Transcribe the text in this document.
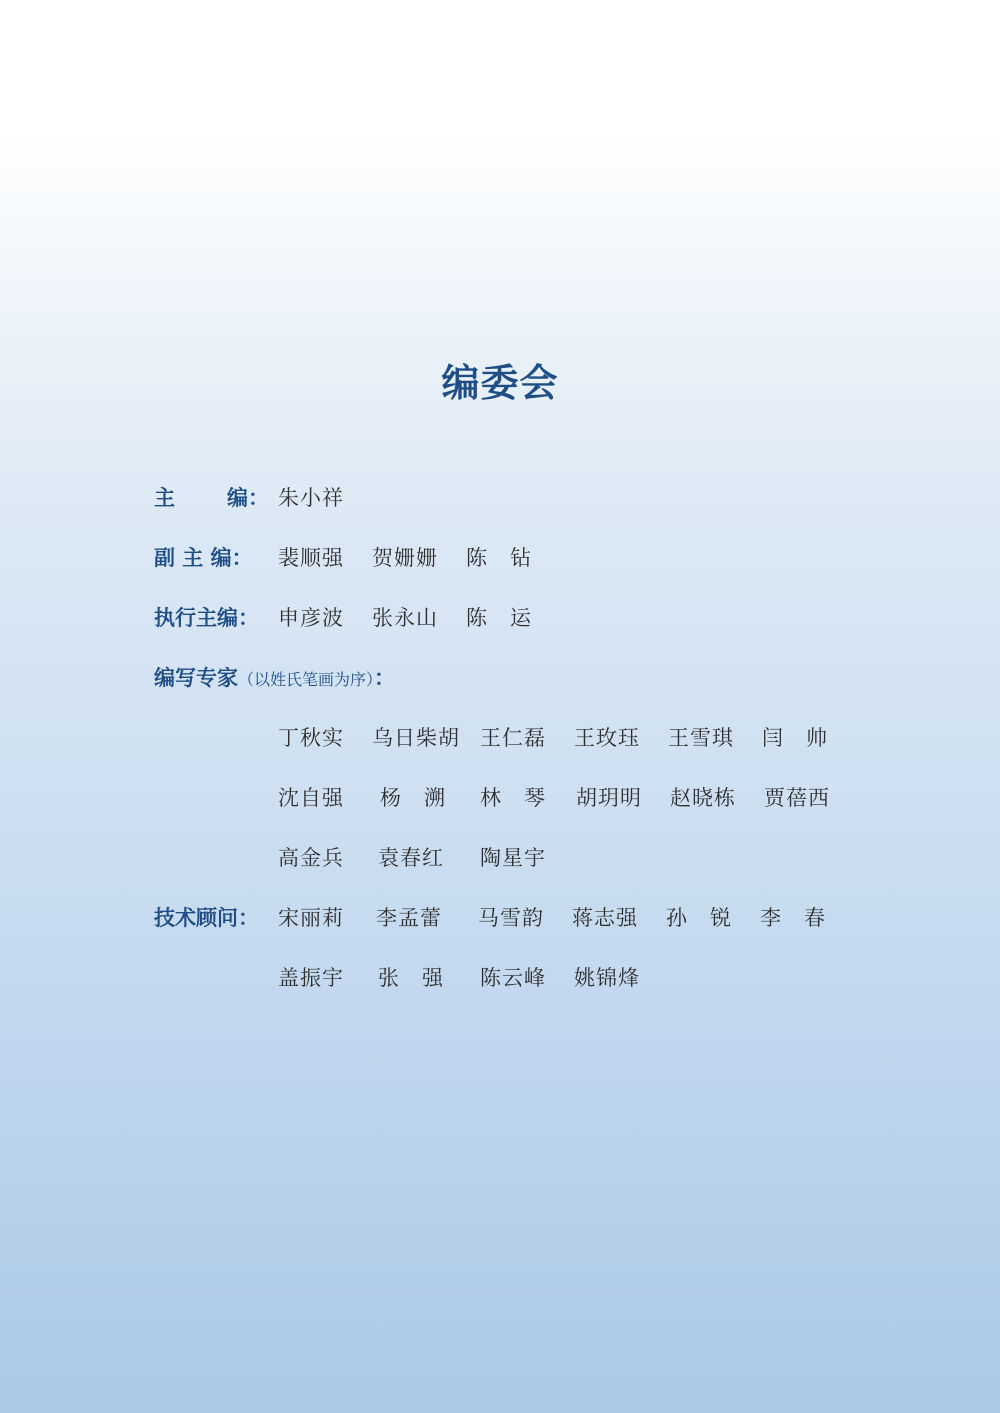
编委会
主 编： 朱小祥
副 主 编： 裴顺强 贺姗姗 陈　钻
执行主编： 申彦波 张永山 陈　运
编写专家（以姓氏笔画为序）：
丁秋实 乌日柴胡 王仁磊 王玫珏 王雪琪 闫　帅
沈自强 杨　溯 林　琴 胡玥明 赵晓栋 贾蓓西
高金兵 袁春红 陶星宇
技术顾问： 宋丽莉 李孟蕾 马雪韵 蒋志强 孙　锐 李　春
盖振宇 张　强 陈云峰 姚锦烽
